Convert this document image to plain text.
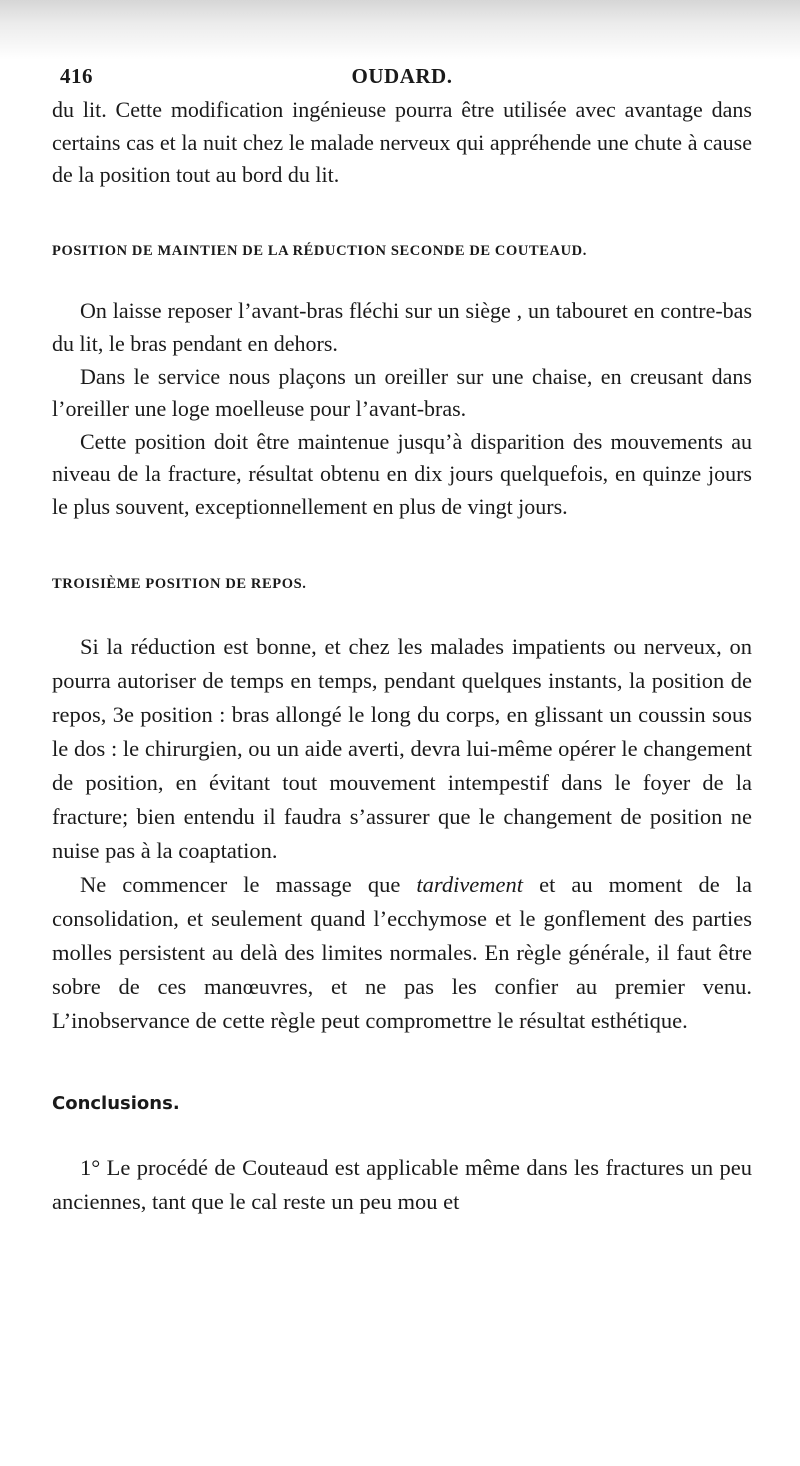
416	OUDARD.

du lit. Cette modification ingénieuse pourra être utilisée avec avantage dans certains cas et la nuit chez le malade nerveux qui appréhende une chute à cause de la position tout au bord du lit.

POSITION DE MAINTIEN DE LA RÉDUCTION SECONDE DE COUTEAUD.

On laisse reposer l’avant-bras fléchi sur un siège , un tabouret en contre-bas du lit, le bras pendant en dehors.

Dans le service nous plaçons un oreiller sur une chaise, en creusant dans l’oreiller une loge moelleuse pour l’avant-bras.

Cette position doit être maintenue jusqu’à disparition des mouvements au niveau de la fracture, résultat obtenu en dix jours quelquefois, en quinze jours le plus souvent, exceptionnellement en plus de vingt jours.

TROISIÈME POSITION DE REPOS.

Si la réduction est bonne, et chez les malades impatients ou nerveux, on pourra autoriser de temps en temps, pendant quelques instants, la position de repos, 3e position : bras allongé le long du corps, en glissant un coussin sous le dos : le chirurgien, ou un aide averti, devra lui-même opérer le changement de position, en évitant tout mouvement intempestif dans le foyer de la fracture; bien entendu il faudra s’assurer que le changement de position ne nuise pas à la coaptation.

Ne commencer le massage que tardivement et au moment de la consolidation, et seulement quand l’ecchymose et le gonflement des parties molles persistent au delà des limites normales. En règle générale, il faut être sobre de ces manœuvres, et ne pas les confier au premier venu. L’inobservance de cette règle peut compromettre le résultat esthétique.

Conclusions.

1° Le procédé de Couteaud est applicable même dans les fractures un peu anciennes, tant que le cal reste un peu mou et
